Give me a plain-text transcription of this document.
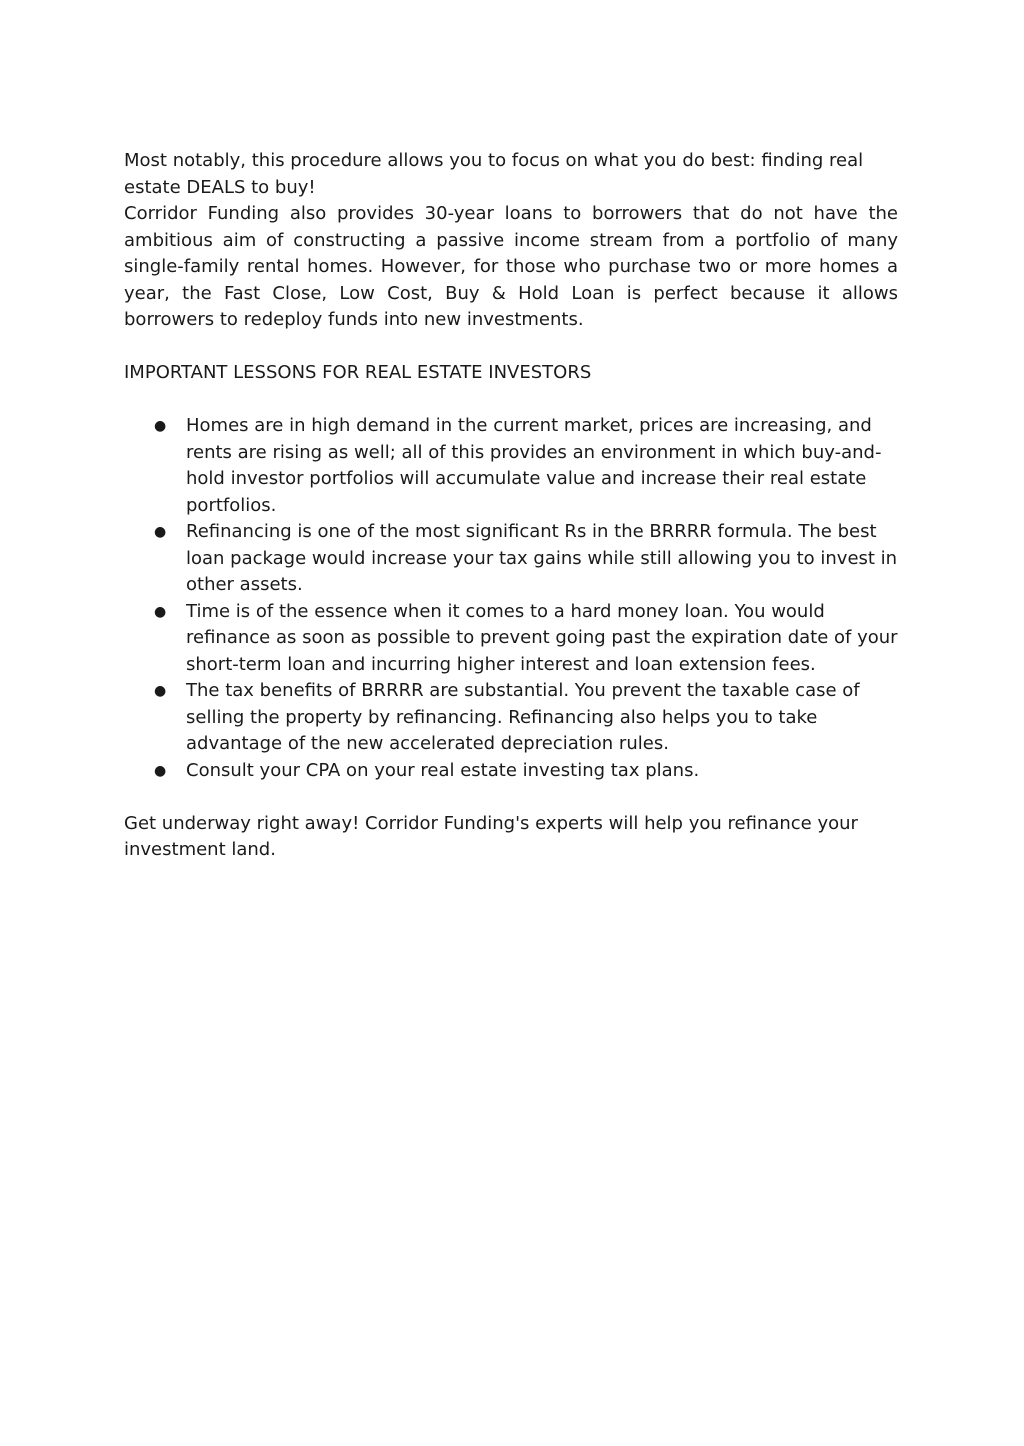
Most notably, this procedure allows you to focus on what you do best: finding real estate DEALS to buy!

Corridor Funding also provides 30-year loans to borrowers that do not have the ambitious aim of constructing a passive income stream from a portfolio of many single-family rental homes. However, for those who purchase two or more homes a year, the Fast Close, Low Cost, Buy & Hold Loan is perfect because it allows borrowers to redeploy funds into new investments.

IMPORTANT LESSONS FOR REAL ESTATE INVESTORS

● Homes are in high demand in the current market, prices are increasing, and rents are rising as well; all of this provides an environment in which buy-and-hold investor portfolios will accumulate value and increase their real estate portfolios.
● Refinancing is one of the most significant Rs in the BRRRR formula. The best loan package would increase your tax gains while still allowing you to invest in other assets.
● Time is of the essence when it comes to a hard money loan. You would refinance as soon as possible to prevent going past the expiration date of your short-term loan and incurring higher interest and loan extension fees.
● The tax benefits of BRRRR are substantial. You prevent the taxable case of selling the property by refinancing. Refinancing also helps you to take advantage of the new accelerated depreciation rules.
● Consult your CPA on your real estate investing tax plans.

Get underway right away! Corridor Funding's experts will help you refinance your investment land.
